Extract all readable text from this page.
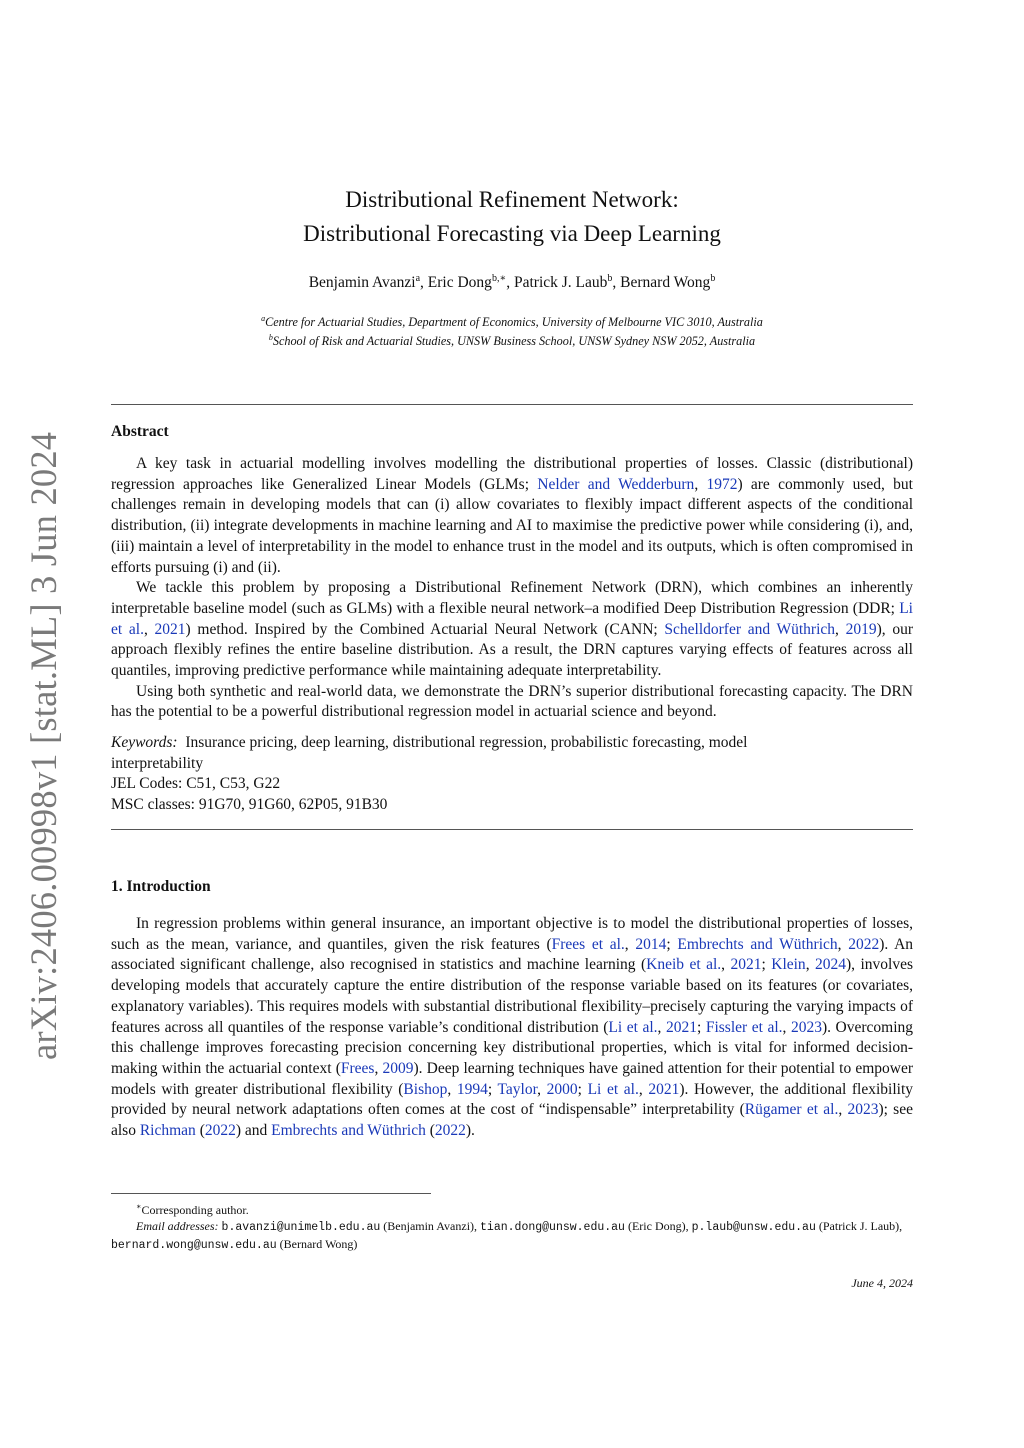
arXiv:2406.00998v1 [stat.ML] 3 Jun 2024
Distributional Refinement Network:
Distributional Forecasting via Deep Learning
Benjamin Avanzi$^a$, Eric Dong$^{b,∗}$, Patrick J. Laub$^b$, Bernard Wong$^b$
$^a$Centre for Actuarial Studies, Department of Economics, University of Melbourne VIC 3010, Australia
$^b$School of Risk and Actuarial Studies, UNSW Business School, UNSW Sydney NSW 2052, Australia
Abstract

A key task in actuarial modelling involves modelling the distributional properties of losses. Classic (distributional) regression approaches like Generalized Linear Models (GLMs; Nelder and Wedderburn, 1972) are commonly used, but challenges remain in developing models that can (i) allow covariates to flexibly impact different aspects of the conditional distribution, (ii) integrate developments in machine learning and AI to maximise the predictive power while considering (i), and, (iii) maintain a level of interpretability in the model to enhance trust in the model and its outputs, which is often compromised in efforts pursuing (i) and (ii).

We tackle this problem by proposing a Distributional Refinement Network (DRN), which combines an inherently interpretable baseline model (such as GLMs) with a flexible neural network–a modified Deep Distribution Regression (DDR; Li et al., 2021) method. Inspired by the Combined Actuarial Neural Network (CANN; Schelldorfer and Wüthrich, 2019), our approach flexibly refines the entire baseline distribution. As a result, the DRN captures varying effects of features across all quantiles, improving predictive performance while maintaining adequate interpretability.

Using both synthetic and real-world data, we demonstrate the DRN’s superior distributional forecasting capacity. The DRN has the potential to be a powerful distributional regression model in actuarial science and beyond.

Keywords: Insurance pricing, deep learning, distributional regression, probabilistic forecasting, model interpretability
JEL Codes: C51, C53, G22
MSC classes: 91G70, 91G60, 62P05, 91B30
1. Introduction

In regression problems within general insurance, an important objective is to model the distributional properties of losses, such as the mean, variance, and quantiles, given the risk features (Frees et al., 2014; Embrechts and Wüthrich, 2022). An associated significant challenge, also recognised in statistics and machine learning (Kneib et al., 2021; Klein, 2024), involves developing models that accurately capture the entire distribution of the response variable based on its features (or covariates, explanatory variables). This requires models with substantial distributional flexibility–precisely capturing the varying impacts of features across all quantiles of the response variable’s conditional distribution (Li et al., 2021; Fissler et al., 2023). Overcoming this challenge improves forecasting precision concerning key distributional properties, which is vital for informed decision-making within the actuarial context (Frees, 2009). Deep learning techniques have gained attention for their potential to empower models with greater distributional flexibility (Bishop, 1994; Taylor, 2000; Li et al., 2021). However, the additional flexibility provided by neural network adaptations often comes at the cost of “indispensable” interpretability (Rügamer et al., 2023); see also Richman (2022) and Embrechts and Wüthrich (2022).

∗Corresponding author.
Email addresses: b.avanzi@unimelb.edu.au (Benjamin Avanzi), tian.dong@unsw.edu.au (Eric Dong), p.laub@unsw.edu.au (Patrick J. Laub), bernard.wong@unsw.edu.au (Bernard Wong)
June 4, 2024
